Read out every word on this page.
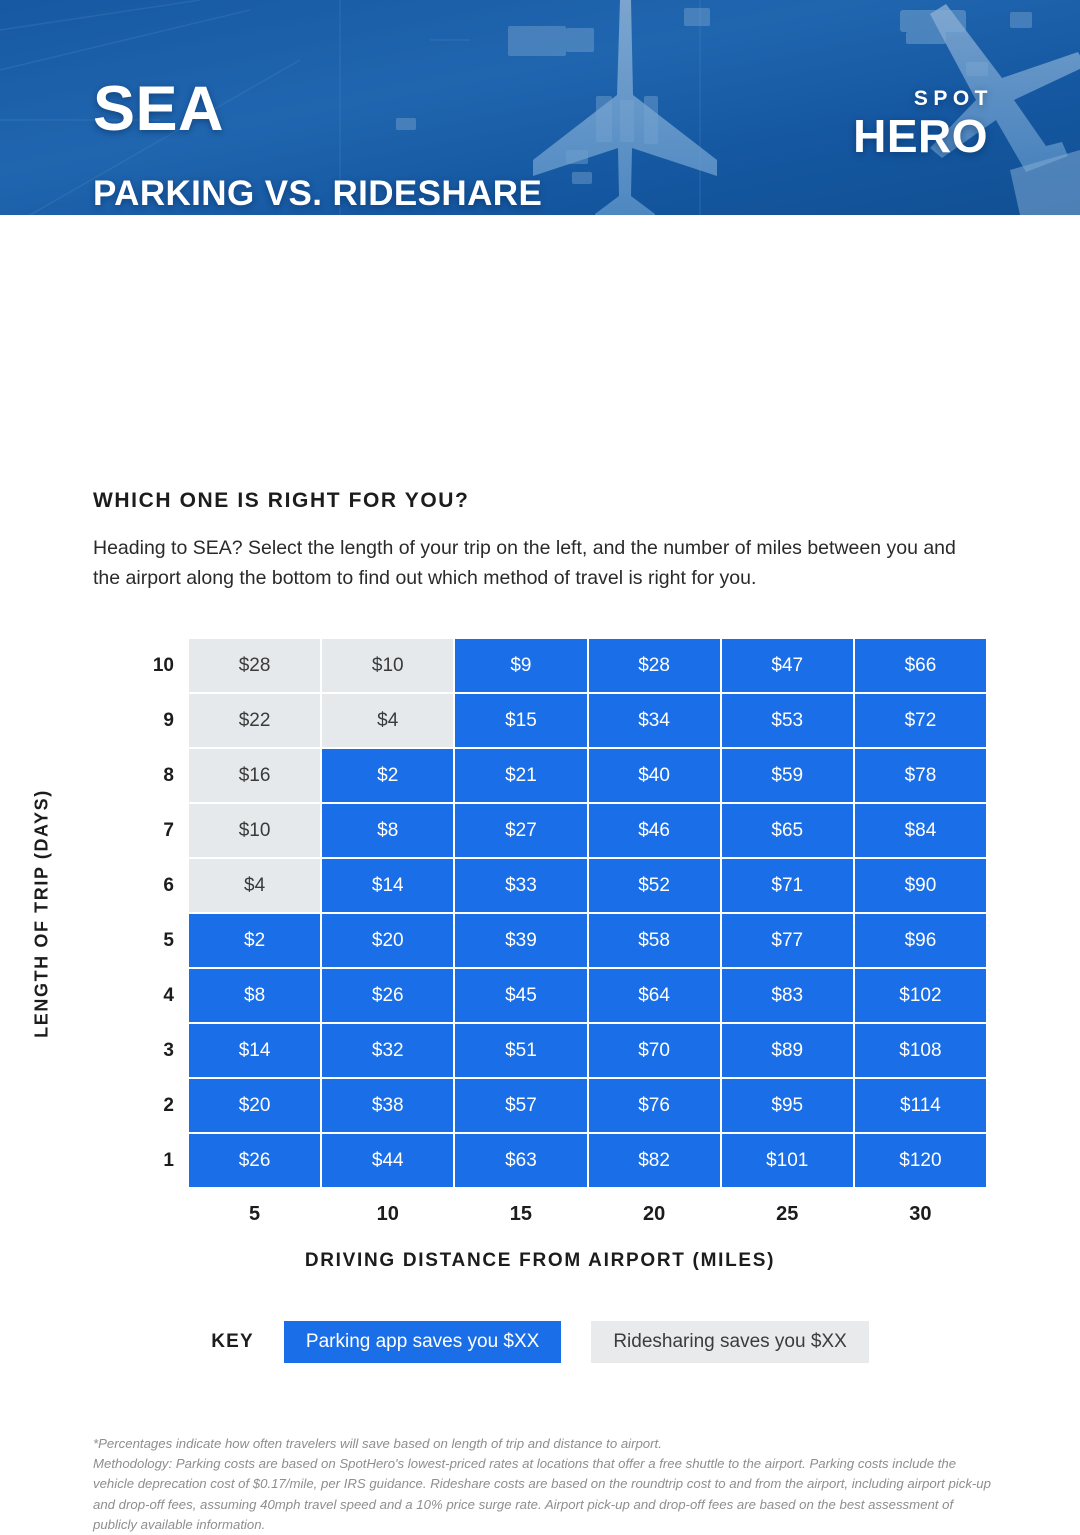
SEA
PARKING VS. RIDESHARE
SPOT
HERO
WHICH ONE IS RIGHT FOR YOU?
Heading to SEA? Select the length of your trip on the left, and the number of miles between you and the airport along the bottom to find out which method of travel is right for you.
LENGTH OF TRIP (DAYS)
10
9
8
7
6
5
4
3
2
1
$28	$10	$9	$28	$47	$66
$22	$4	$15	$34	$53	$72
$16	$2	$21	$40	$59	$78
$10	$8	$27	$46	$65	$84
$4	$14	$33	$52	$71	$90
$2	$20	$39	$58	$77	$96
$8	$26	$45	$64	$83	$102
$14	$32	$51	$70	$89	$108
$20	$38	$57	$76	$95	$114
$26	$44	$63	$82	$101	$120
5	10	15	20	25	30
DRIVING DISTANCE FROM AIRPORT (MILES)
KEY	Parking app saves you $XX	Ridesharing saves you $XX

*Percentages indicate how often travelers will save based on length of trip and distance to airport.

Methodology: Parking costs are based on SpotHero's lowest-priced rates at locations that offer a free shuttle to the airport. Parking costs include the vehicle deprecation cost of $0.17/mile, per IRS guidance. Rideshare costs are based on the roundtrip cost to and from the airport, including airport pick-up and drop-off fees, assuming 40mph travel speed and a 10% price surge rate. Airport pick-up and drop-off fees are based on the best assessment of publicly available information.
